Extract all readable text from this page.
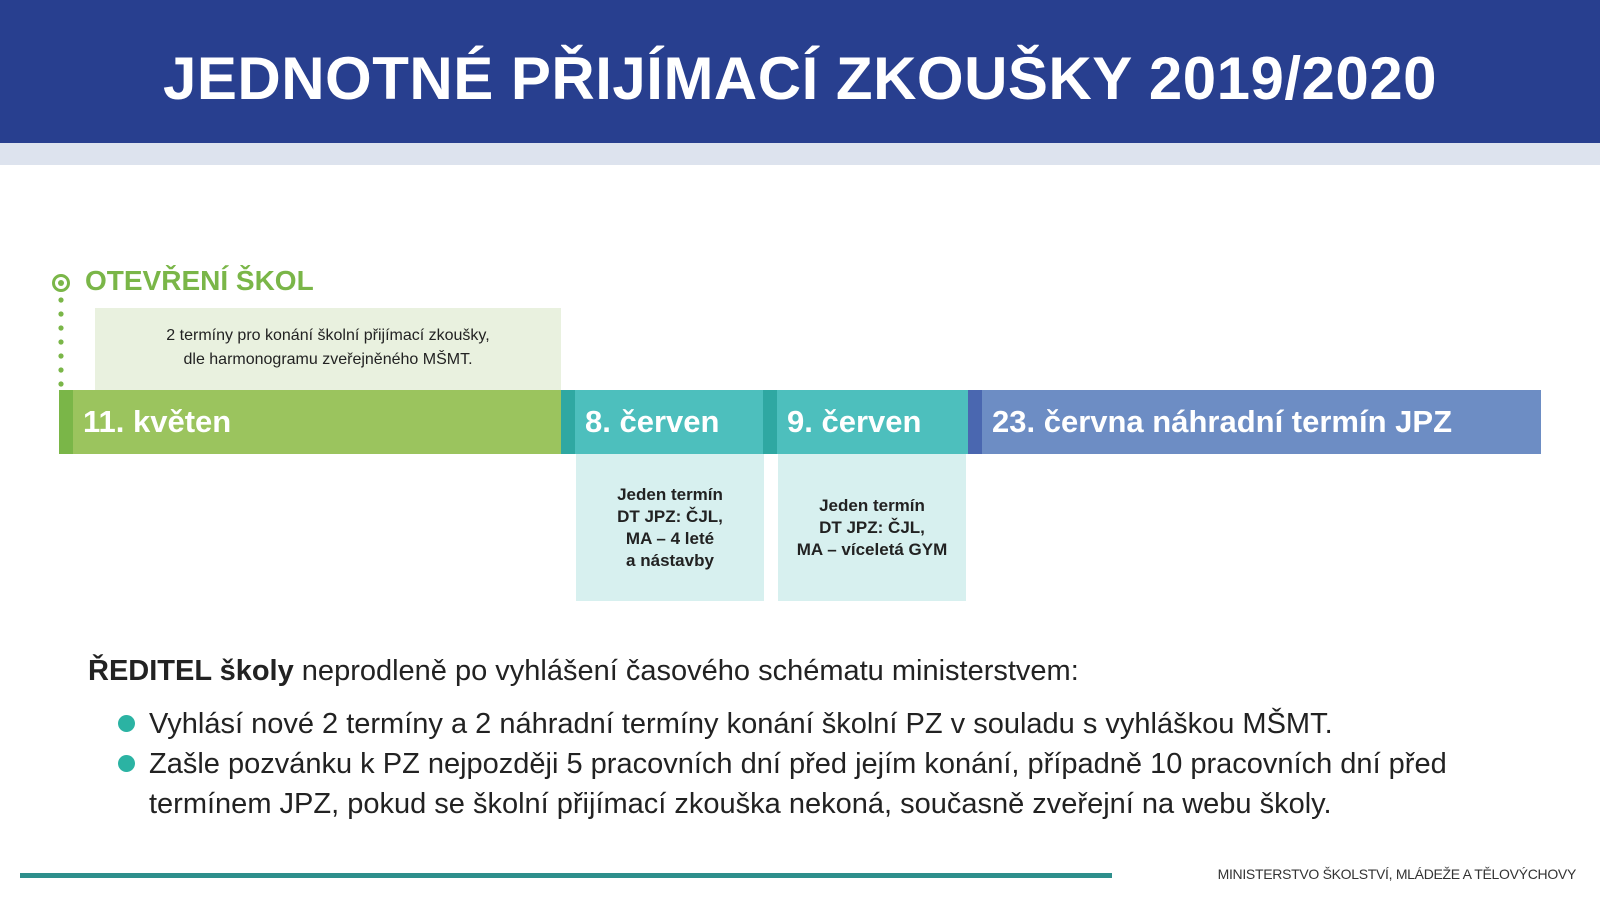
JEDNOTNÉ PŘIJÍMACÍ ZKOUŠKY 2019/2020
OTEVŘENÍ ŠKOL
2 termíny pro konání školní přijímací zkoušky,
dle harmonogramu zveřejněného MŠMT.
11. květen	8. červen	9. červen	23. června náhradní termín JPZ
Jeden termín
DT JPZ: ČJL,
MA – 4 leté
a nástavby
Jeden termín
DT JPZ: ČJL,
MA – víceletá GYM
ŘEDITEL školy neprodleně po vyhlášení časového schématu ministerstvem:
Vyhlásí nové 2 termíny a 2 náhradní termíny konání školní PZ v souladu s vyhláškou MŠMT.
Zašle pozvánku k PZ nejpozději 5 pracovních dní před jejím konání, případně 10 pracovních dní před termínem JPZ, pokud se školní přijímací zkouška nekoná, současně zveřejní na webu školy.
MINISTERSTVO ŠKOLSTVÍ, MLÁDEŽE A TĚLOVÝCHOVY
